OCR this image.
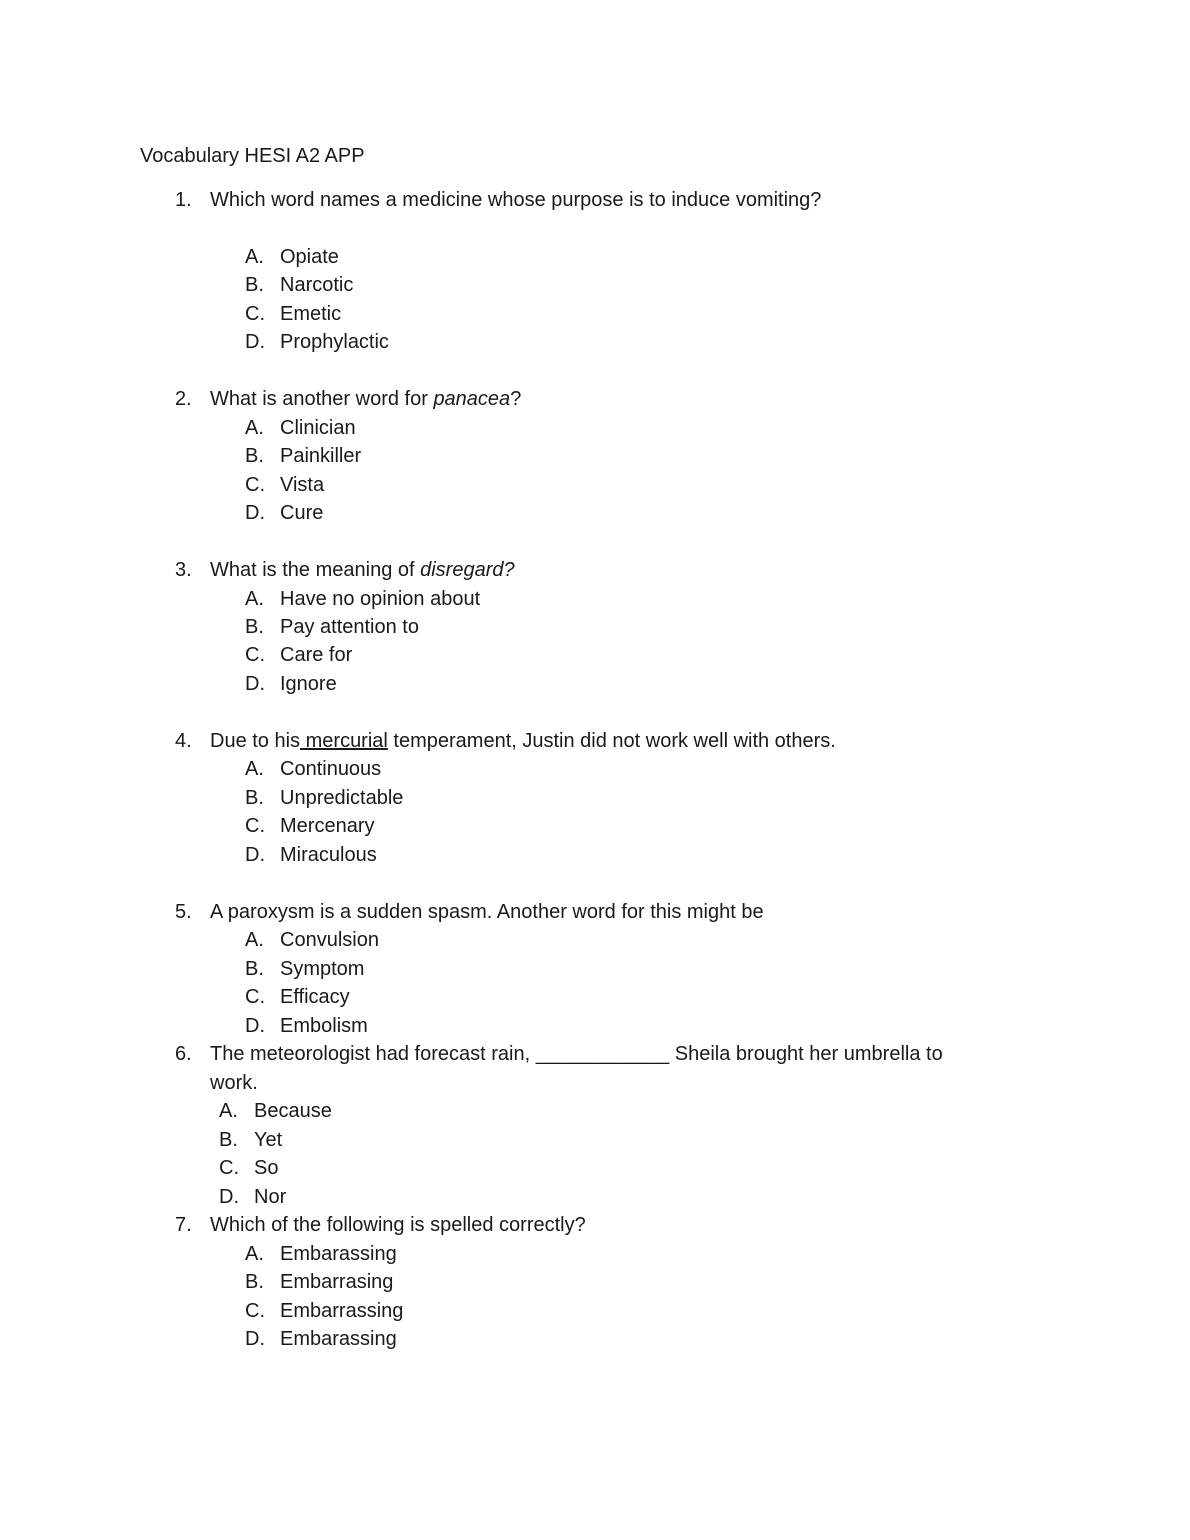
Vocabulary HESI A2 APP
1. Which word names a medicine whose purpose is to induce vomiting?
A. Opiate
B. Narcotic
C. Emetic
D. Prophylactic
2. What is another word for panacea?
A. Clinician
B. Painkiller
C. Vista
D. Cure
3. What is the meaning of disregard?
A. Have no opinion about
B. Pay attention to
C. Care for
D. Ignore
4. Due to his mercurial temperament, Justin did not work well with others.
A. Continuous
B. Unpredictable
C. Mercenary
D. Miraculous
5. A paroxysm is a sudden spasm. Another word for this might be
A. Convulsion
B. Symptom
C. Efficacy
D. Embolism
6. The meteorologist had forecast rain, ____________ Sheila brought her umbrella to
work.
A. Because
B. Yet
C. So
D. Nor
7. Which of the following is spelled correctly?
A. Embarassing
B. Embarrasing
C. Embarrassing
D. Embarassing
